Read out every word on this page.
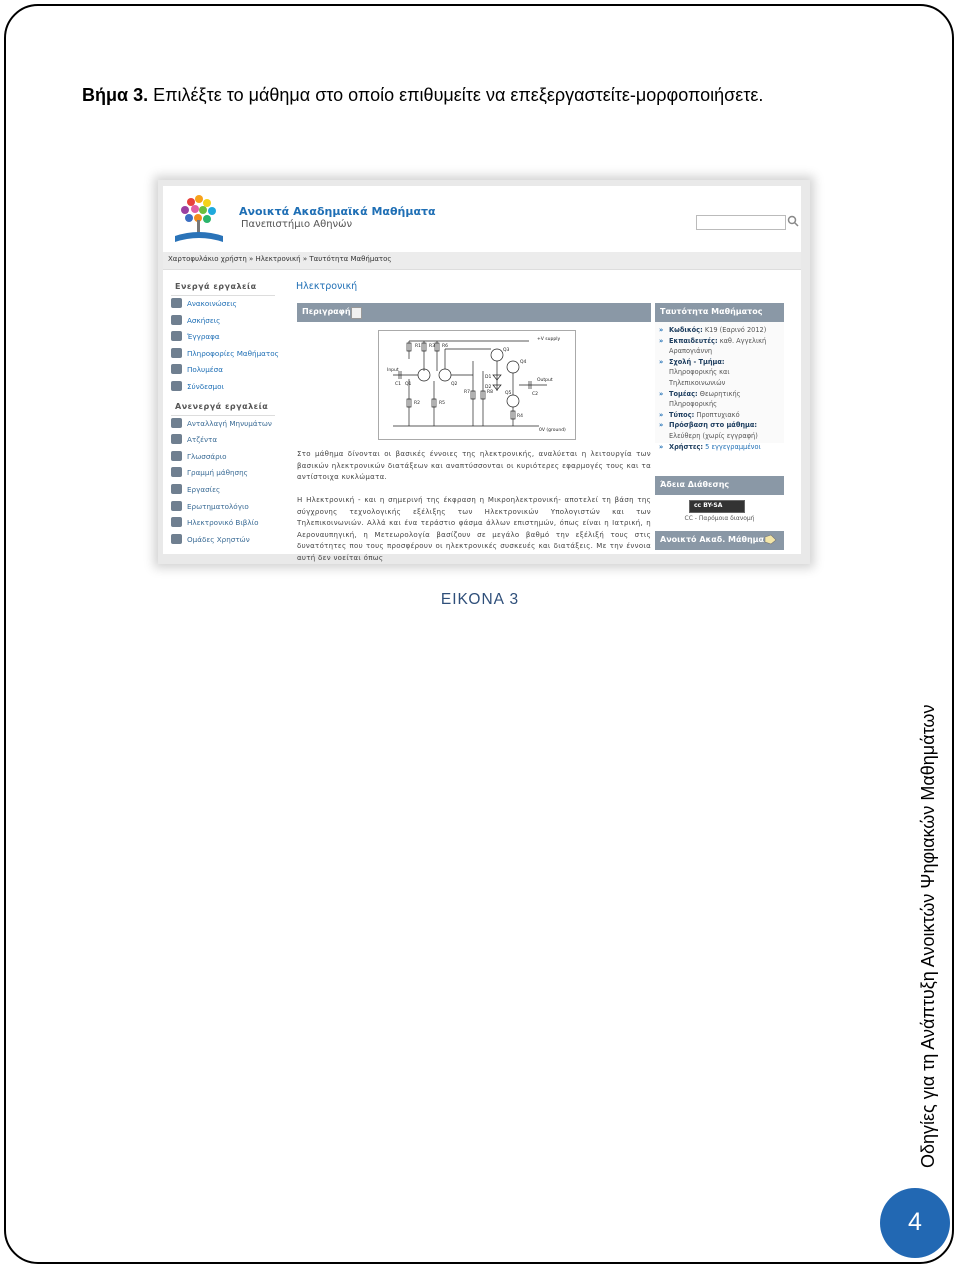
Βήμα 3. Επιλέξτε το μάθημα στο οποίο επιθυμείτε να επεξεργαστείτε-μορφοποιήσετε.
Ανοικτά Ακαδημαϊκά Μαθήματα
Πανεπιστήμιο Αθηνών
Χαρτοφυλάκιο χρήστη » Ηλεκτρονική » Ταυτότητα Μαθήματος
Ενεργά εργαλεία
Ανακοινώσεις
Ασκήσεις
Έγγραφα
Πληροφορίες Μαθήματος
Πολυμέσα
Σύνδεσμοι
Ανενεργά εργαλεία
Ανταλλαγή Μηνυμάτων
Ατζέντα
Γλωσσάριο
Γραμμή μάθησης
Εργασίες
Ερωτηματολόγιο
Ηλεκτρονικό Βιβλίο
Ομάδες Χρηστών
Ηλεκτρονική
Περιγραφή
R1 R3 R6
R2	R5
R7	R8
R4
Q1	Q2
Q3
Q4
Q5
C1
C2
D1
D2
+V supply
Input
Output
0V (ground)
Στο μάθημα δίνονται οι βασικές έννοιες της ηλεκτρονικής, αναλύεται η λειτουργία των βασικών ηλεκτρονικών διατάξεων και αναπτύσσονται οι κυριότερες εφαρμογές τους και τα αντίστοιχα κυκλώματα.
Η Ηλεκτρονική - και η σημερινή της έκφραση η Μικροηλεκτρονική- αποτελεί τη βάση της σύγχρονης τεχνολογικής εξέλιξης των Ηλεκτρονικών Υπολογιστών και των Τηλεπικοινωνιών. Αλλά και ένα τεράστιο φάσμα άλλων επιστημών, όπως είναι η Ιατρική, η Αεροναυπηγική, η Μετεωρολογία βασίζουν σε μεγάλο βαθμό την εξέλιξή τους στις δυνατότητες που τους προσφέρουν οι ηλεκτρονικές συσκευές και διατάξεις. Με την έννοια αυτή δεν νοείται όπως
Ταυτότητα Μαθήματος
» Κωδικός: K19 (Εαρινό 2012)
» Εκπαιδευτές: καθ. Αγγελική
Αραπογιάννη
» Σχολή - Τμήμα:
Πληροφορικής και
Τηλεπικοινωνιών
» Τομέας: Θεωρητικής
Πληροφορικής
» Τύπος: Προπτυχιακό
» Πρόσβαση στο μάθημα:
Ελεύθερη (χωρίς εγγραφή)
» Χρήστες: 5 εγγεγραμμένοι
Άδεια Διάθεσης
cc BY-SA
CC - Παρόμοια διανομή
Ανοικτό Ακαδ. Μάθημα
ΕΙΚΟΝΑ 3
Οδηγίες για τη Ανάπτυξη Ανοικτών Ψηφιακών Μαθημάτων
4
